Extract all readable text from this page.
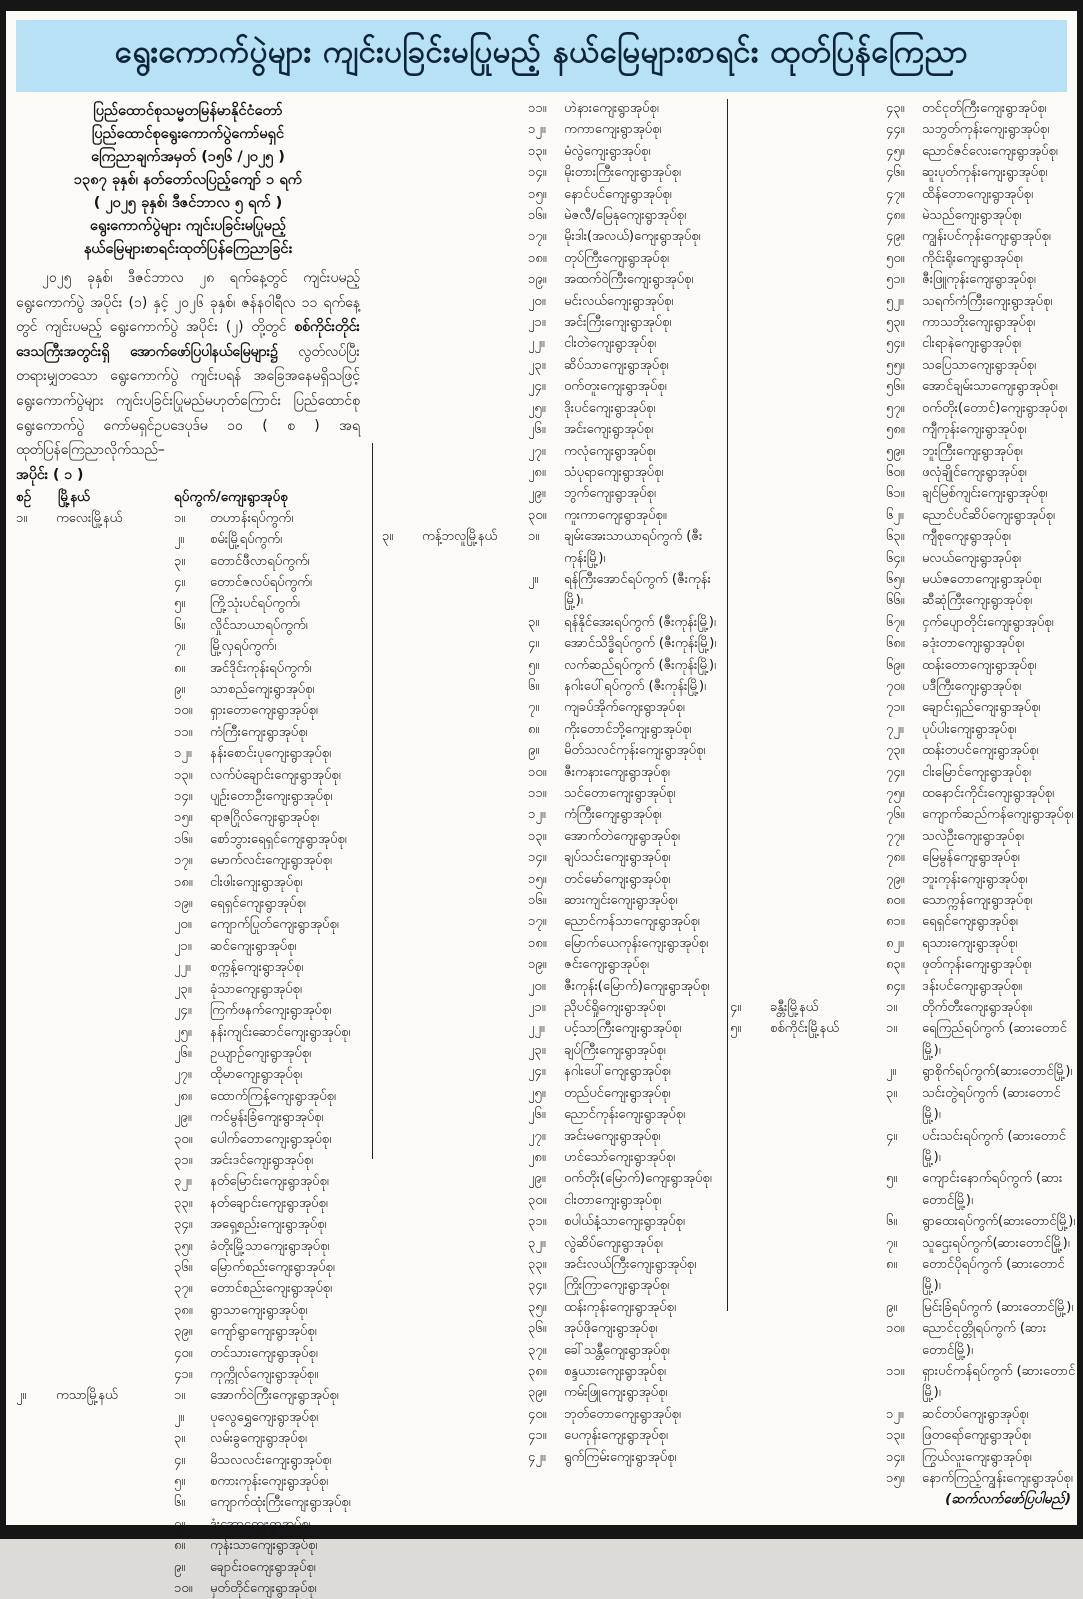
ရွေးကောက်ပွဲများ ကျင်းပခြင်းမပြုမည့် နယ်မြေများစာရင်း ထုတ်ပြန်ကြေညာ
ပြည်ထောင်စုသမ္မတမြန်မာနိုင်ငံတော်
ပြည်ထောင်စုရွေးကောက်ပွဲကော်မရှင်
ကြေညာချက်အမှတ် (၁၅၆ /၂၀၂၅ )
၁၃၈၇ ခုနှစ်၊ နတ်တော်လပြည့်ကျော် ၁ ရက်
( ၂၀၂၅ ခုနှစ်၊ ဒီဇင်ဘာလ ၅ ရက် )
ရွေးကောက်ပွဲများ ကျင်းပခြင်းမပြုမည့်
နယ်မြေများစာရင်းထုတ်ပြန်ကြေညာခြင်း
၂၀၂၅ ခုနှစ်၊ ဒီဇင်ဘာလ ၂၈ ရက်နေ့တွင် ကျင်းပမည့် ရွေးကောက်ပွဲ အပိုင်း (၁) နှင့် ၂၀၂၆ ခုနှစ်၊ ဇန်နဝါရီလ ၁၁ ရက်နေ့တွင် ကျင်းပမည့် ရွေးကောက်ပွဲ အပိုင်း (၂) တို့တွင် စစ်ကိုင်းတိုင်းဒေသကြီးအတွင်းရှိ အောက်ဖော်ပြပါနယ်မြေများ၌ လွတ်လပ်ပြီး တရားမျှတသော ရွေးကောက်ပွဲ ကျင်းပရန် အခြေအနေမရှိသဖြင့် ရွေးကောက်ပွဲများ ကျင်းပခြင်းပြုမည်မဟုတ်ကြောင်း ပြည်ထောင်စုရွေးကောက်ပွဲ ကော်မရှင်ဥပဒေပုဒ်မ ၁၀ ( စ ) အရ ထုတ်ပြန်ကြေညာလိုက်သည်–
အပိုင်း ( ၁ )
စဉ်	မြို့နယ်	ရပ်ကွက်/ကျေးရွာအုပ်စု
၁။	ကလေးမြို့နယ်	၁။	တဟာန်းရပ်ကွက်၊
၂။	စမ်းမြို့ရပ်ကွက်၊
၃။	တောင်ဖီလာရပ်ကွက်၊
၄။	တောင်ဇလပ်ရပ်ကွက်၊
၅။	ကြို့သုံးပင်ရပ်ကွက်၊
၆။	လှိုင်သာယာရပ်ကွက်၊
၇။	မြို့လှရပ်ကွက်၊
၈။	အင်ဒိုင်းကုန်းရပ်ကွက်၊
၉။	သာစည်ကျေးရွာအုပ်စု၊
၁၀။	ရှားတောကျေးရွာအုပ်စု၊
၁၁။	ကံကြီးကျေးရွာအုပ်စု၊
၁၂။	နန်းစောင်းပုကျေးရွာအုပ်စု၊
၁၃။	လက်ပံချောင်းကျေးရွာအုပ်စု၊
၁၄။	ပျဉ်းတောဦးကျေးရွာအုပ်စု၊
၁၅။	ရာဇဂြိုလ်ကျေးရွာအုပ်စု၊
၁၆။	စော်ဘွားရေရှင်ကျေးရွာအုပ်စု၊
၁၇။	မောက်လင်းကျေးရွာအုပ်စု၊
၁၈။	ငါးဖါးကျေးရွာအုပ်စု၊
၁၉။	ရေရှင်ကျေးရွာအုပ်စု၊
၂၀။	ကျောက်ပြုတ်ကျေးရွာအုပ်စု၊
၂၁။	ဆင်ကျေးရွာအုပ်စု၊
၂၂။	စက္ကန့်ကျေးရွာအုပ်စု၊
၂၃။	ခုံသာကျေးရွာအုပ်စု၊
၂၄။	ကြက်ဖနက်ကျေးရွာအုပ်စု၊
၂၅။	နန်းကျင်းဆောင်ကျေးရွာအုပ်စု၊
၂၆။	ဥယျာဉ်ကျေးရွာအုပ်စု၊
၂၇။	ထိုမာကျေးရွာအုပ်စု၊
၂၈။	ထောက်ကြန့်ကျေးရွာအုပ်စု၊
၂၉။	ကင်မွန်းခြံကျေးရွာအုပ်စု၊
၃၀။	ပေါက်တောကျေးရွာအုပ်စု၊
၃၁။	အင်းဒင်ကျေးရွာအုပ်စု၊
၃၂။	နတ်မြောင်းကျေးရွာအုပ်စု၊
၃၃။	နတ်ချောင်းကျေးရွာအုပ်စု၊
၃၄။	အရှေ့စည်းကျေးရွာအုပ်စု၊
၃၅။	ခံတိုးမြို့သာကျေးရွာအုပ်စု၊
၃၆။	မြောက်စည်းကျေးရွာအုပ်စု၊
၃၇။	တောင်စည်းကျေးရွာအုပ်စု၊
၃၈။	ရွာသာကျေးရွာအုပ်စု၊
၃၉။	ကျော်ရွာကျေးရွာအုပ်စု၊
၄၀။	တင်သားကျေးရွာအုပ်စု၊
၄၁။	ကုက္ကိုလ်ကျေးရွာအုပ်စု။
၂။	ကသာမြို့နယ်	၁။	အောက်ဝဲကြီးကျေးရွာအုပ်စု၊
၂။	ပုလွေရွှေကျေးရွာအုပ်စု၊
၃။	လမ်းခွကျေးရွာအုပ်စု၊
၄။	မိသလလင်းကျေးရွာအုပ်စု၊
၅။	စကားကုန်းကျေးရွာအုပ်စု၊
၆။	ကျောက်ထုံးကြီးကျေးရွာအုပ်စု၊
၇။	ဒုံးအော့ကျေးရွာအုပ်စု၊
၈။	ကုန်းသာကျေးရွာအုပ်စု၊
၉။	ချောင်းဝကျေးရွာအုပ်စု၊
၁၀။	မှတ်တိုင်ကျေးရွာအုပ်စု၊
၁၁။	ဟဲနားကျေးရွာအုပ်စု၊
၁၂။	ကကာကျေးရွာအုပ်စု၊
၁၃။	မံလွဲကျေးရွာအုပ်စု၊
၁၄။	မိုးတားကြီးကျေးရွာအုပ်စု၊
၁၅။	နောင်ပင်ကျေးရွာအုပ်စု၊
၁၆။	မဲဇလီ/မြေနုကျေးရွာအုပ်စု၊
၁၇။	မိုးဒါး(အလယ်)ကျေးရွာအုပ်စု၊
၁၈။	တုပ်ကြီးကျေးရွာအုပ်စု၊
၁၉။	အထက်ဝဲကြီးကျေးရွာအုပ်စု၊
၂၀။	မင်းလယ်ကျေးရွာအုပ်စု၊
၂၁။	အင်းကြီးကျေးရွာအုပ်စု၊
၂၂။	ငါးတဲကျေးရွာအုပ်စု၊
၂၃။	ဆိပ်သာကျေးရွာအုပ်စု၊
၂၄။	ဝက်တူးကျေးရွာအုပ်စု၊
၂၅။	ဒိုးပင်ကျေးရွာအုပ်စု၊
၂၆။	အင်းကျေးရွာအုပ်စု၊
၂၇။	ကလုံကျေးရွာအုပ်စု၊
၂၈။	သံပုရာကျေးရွာအုပ်စု၊
၂၉။	ဘွက်ကျေးရွာအုပ်စု၊
၃၀။	ကူးကာကျေးရွာအုပ်စု။
၃။	ကန့်ဘလူမြို့နယ်	၁။	ချမ်းအေးသာယာရပ်ကွက် (ဇီးကုန်းမြို့)၊
၂။	ရန်ကြီးအောင်ရပ်ကွက် (ဇီးကုန်းမြို့)၊
၃။	ရန်နိုင်အေးရပ်ကွက် (ဇီးကုန်းမြို့)၊
၄။	အောင်သိဒ္ဓိရပ်ကွက် (ဇီးကုန်းမြို့)၊
၅။	လက်ဆည်ရပ်ကွက် (ဇီးကုန်းမြို့)၊
၆။	နဂါးပေါ်ရပ်ကွက် (ဇီးကုန်းမြို့)၊
၇။	ကျခပ်အိုက်ကျေးရွာအုပ်စု၊
၈။	ကိုးတောင်ဘို့ကျေးရွာအုပ်စု၊
၉။	မိတ်သလင်ကုန်းကျေးရွာအုပ်စု၊
၁၀။	ဇီးကနားကျေးရွာအုပ်စု၊
၁၁။	သင်တောကျေးရွာအုပ်စု၊
၁၂။	ကံကြီးကျေးရွာအုပ်စု၊
၁၃။	အောက်တဲကျေးရွာအုပ်စု၊
၁၄။	ချပ်သင်းကျေးရွာအုပ်စု၊
၁၅။	တင်မော်ကျေးရွာအုပ်စု၊
၁၆။	ဆားကျင်းကျေးရွာအုပ်စု၊
၁၇။	ညောင်ကန်သာကျေးရွာအုပ်စု၊
၁၈။	မြောက်ယေကုန်းကျေးရွာအုပ်စု၊
၁၉။	ဇင်းကျေးရွာအုပ်စု၊
၂၀။	ဇီးကုန်း(မြောက်)ကျေးရွာအုပ်စု၊
၂၁။	ညိုပင်ရှိုကျေးရွာအုပ်စု၊
၂၂။	ပင့်သာကြီးကျေးရွာအုပ်စု၊
၂၃။	ချပ်ကြီးကျေးရွာအုပ်စု၊
၂၄။	နဂါးပေါ်ကျေးရွာအုပ်စု၊
၂၅။	တည်ပင်ကျေးရွာအုပ်စု၊
၂၆။	ညောင်ကုန်းကျေးရွာအုပ်စု၊
၂၇။	အင်းမကျေးရွာအုပ်စု၊
၂၈။	ဟင်သော်ကျေးရွာအုပ်စု၊
၂၉။	ဝက်တိုး(မြောက်)ကျေးရွာအုပ်စု၊
၃၀။	ငါးတာကျေးရွာအုပ်စု၊
၃၁။	စပါယ်နံ့သာကျေးရွာအုပ်စု၊
၃၂။	လွဲဆိပ်ကျေးရွာအုပ်စု၊
၃၃။	အင်းလယ်ကြီးကျေးရွာအုပ်စု၊
၃၄။	ကြိုးကြာကျေးရွာအုပ်စု၊
၃၅။	ထန်းကုန်းကျေးရွာအုပ်စု၊
၃၆။	အုပ်ဖိုကျေးရွာအုပ်စု၊
၃၇။	ခေါ်သန္တီကျေးရွာအုပ်စု၊
၃၈။	စန္ဒယားကျေးရွာအုပ်စု၊
၃၉။	ကမ်းဖြူကျေးရွာအုပ်စု၊
၄၀။	ဘုတ်တောကျေးရွာအုပ်စု၊
၄၁။	ပေကုန်းကျေးရွာအုပ်စု၊
၄၂။	ရွက်ကြမ်းကျေးရွာအုပ်စု၊
၄၃။	တင်ငုတ်ကြီးကျေးရွာအုပ်စု၊
၄၄။	သဘွတ်ကုန်းကျေးရွာအုပ်စု၊
၄၅။	ညောင်ဇင်လေးကျေးရွာအုပ်စု၊
၄၆။	ဆူးပုတ်ကုန်းကျေးရွာအုပ်စု၊
၄၇။	ထိန်တောကျေးရွာအုပ်စု၊
၄၈။	မဲသည်ကျေးရွာအုပ်စု၊
၄၉။	ကျွန်းပင်ကုန်းကျေးရွာအုပ်စု၊
၅၀။	ကိုင်းရိုးကျေးရွာအုပ်စု၊
၅၁။	ဇီးဖြူကုန်းကျေးရွာအုပ်စု၊
၅၂။	သရက်ကံကြီးကျေးရွာအုပ်စု၊
၅၃။	ကာသဘိုးကျေးရွာအုပ်စု၊
၅၄။	ငါးရာနဲကျေးရွာအုပ်စု၊
၅၅။	သပြေသာကျေးရွာအုပ်စု၊
၅၆။	အောင်ချမ်းသာကျေးရွာအုပ်စု၊
၅၇။	ဝက်တိုး(တောင်)ကျေးရွာအုပ်စု၊
၅၈။	ကျီကုန်းကျေးရွာအုပ်စု၊
၅၉။	ဘူးကြီးကျေးရွာအုပ်စု၊
၆၀။	ဖလုံချိုင်ကျေးရွာအုပ်စု၊
၆၁။	ချင်မြစ်ကျင်းကျေးရွာအုပ်စု၊
၆၂။	ညောင်ပင်ဆိပ်ကျေးရွာအုပ်စု၊
၆၃။	ကျီစုကျေးရွာအုပ်စု၊
၆၄။	မလယ်ကျေးရွာအုပ်စု၊
၆၅။	မယ်ဇတောကျေးရွာအုပ်စု၊
၆၆။	ဆီဆုံကြီးကျေးရွာအုပ်စု၊
၆၇။	ငှက်ပျောတိုင်းကျေးရွာအုပ်စု၊
၆၈။	ခဒုံးတာကျေးရွာအုပ်စု၊
၆၉။	ထန်းတောကျေးရွာအုပ်စု၊
၇၀။	ပဒီကြီးကျေးရွာအုပ်စု၊
၇၁။	ချောင်းရှည်ကျေးရွာအုပ်စု၊
၇၂။	ပုပ်ပါးကျေးရွာအုပ်စု၊
၇၃။	ထန်းတပင်ကျေးရွာအုပ်စု၊
၇၄။	ငါးမြောင်ကျေးရွာအုပ်စု၊
၇၅။	ထနောင်းကိုင်းကျေးရွာအုပ်စု၊
၇၆။	ကျောက်ဆည်ကန်ကျေးရွာအုပ်စု၊
၇၇။	သလဲဦးကျေးရွာအုပ်စု၊
၇၈။	မြေမွန်ကျေးရွာအုပ်စု၊
၇၉။	ဘူးကုန်းကျေးရွာအုပ်စု၊
၈၀။	သောက္ကန်ကျေးရွာအုပ်စု၊
၈၁။	ရေရှင်ကျေးရွာအုပ်စု၊
၈၂။	ရသားကျေးရွာအုပ်စု၊
၈၃။	ဖုတ်ကုန်းကျေးရွာအုပ်စု၊
၈၄။	ဒန်းပင်ကျေးရွာအုပ်စု။
၄။	ခန္တီးမြို့နယ်	၁။	တိုက်တီးကျေးရွာအုပ်စု။
၅။	စစ်ကိုင်းမြို့နယ်	၁။	ရေကြည်ရပ်ကွက် (ဆားတောင်မြို့)၊
၂။	ရွာစိုက်ရပ်ကွက်(ဆားတောင်မြို့)၊
၃။	သင်းတွဲရပ်ကွက် (ဆားတောင်မြို့)၊
၄။	ပင်းသင်းရပ်ကွက် (ဆားတောင်မြို့)၊
၅။	ကျောင်းနောက်ရပ်ကွက် (ဆားတောင်မြို့)၊
၆။	ရွာထေးရပ်ကွက်(ဆားတောင်မြို့)၊
၇။	သူဌေးရပ်ကွက်(ဆားတောင်မြို့)၊
၈။	တောင်ပိုရပ်ကွက် (ဆားတောင်မြို့)၊
၉။	မြင်းခြံရပ်ကွက် (ဆားတောင်မြို့)၊
၁၀။	ညောင်ငုတ္တိုရပ်ကွက် (ဆားတောင်မြို့)၊
၁၁။	ရှားပင်ကန်ရပ်ကွက် (ဆားတောင်မြို့)၊
၁၂။	ဆင်တပ်ကျေးရွာအုပ်စု၊
၁၃။	ဖြတရော်ကျေးရွာအုပ်စု၊
၁၄။	ကြွယ်လူးကျေးရွာအုပ်စု၊
၁၅။	နောက်ကြည့်ကျွန်းကျေးရွာအုပ်စု၊
(ဆက်လက်ဖော်ပြပါမည်)
